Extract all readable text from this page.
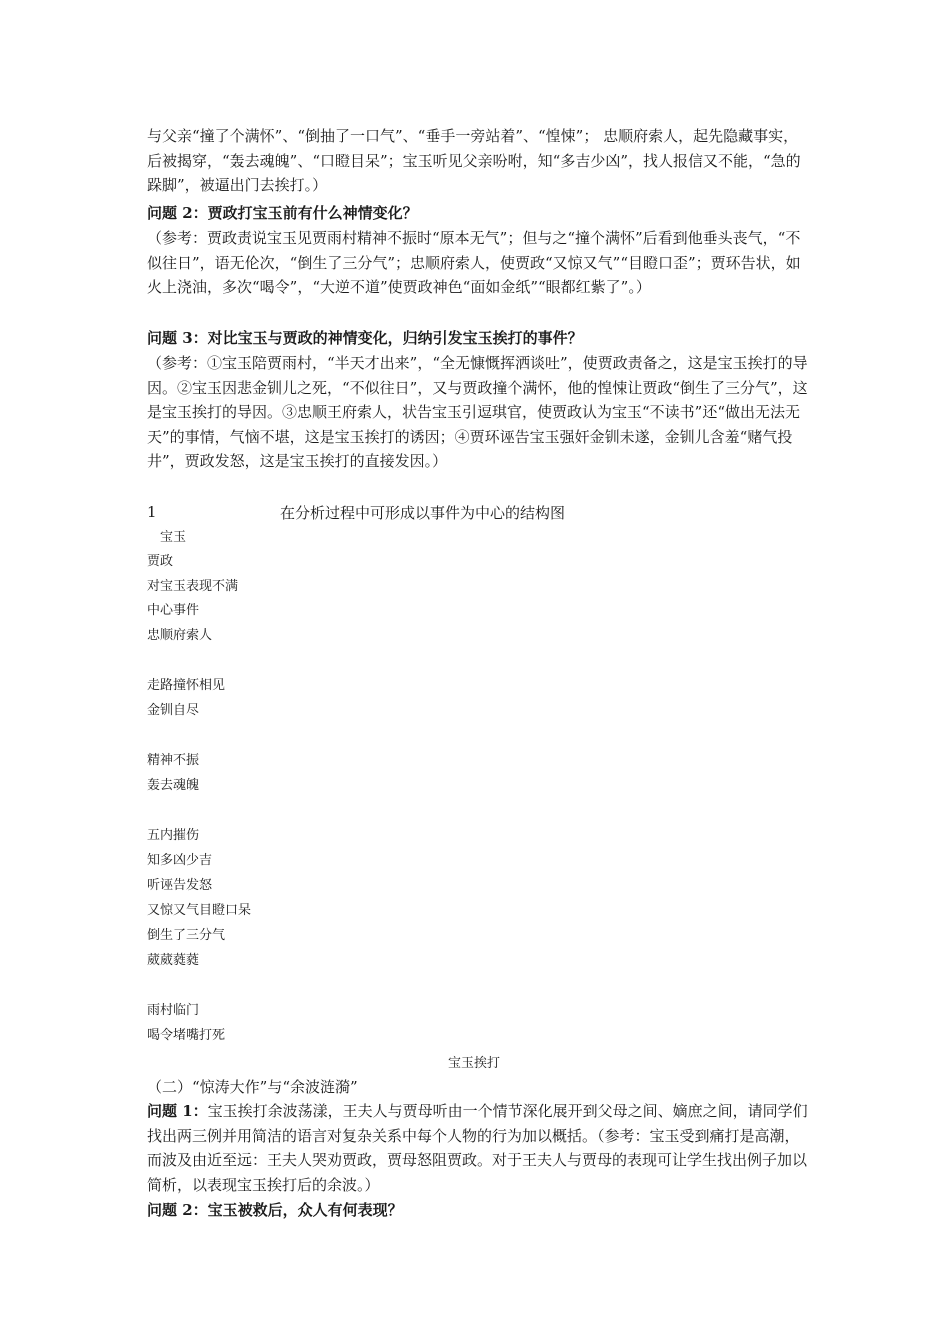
与父亲“撞了个满怀”、“倒抽了一口气”、“垂手一旁站着”、“惶悚”； 忠顺府索人，起先隐藏事实，后被揭穿，“轰去魂魄”、“口瞪目呆”；宝玉听见父亲吩咐，知“多吉少凶”，找人报信又不能，“急的跺脚”，被逼出门去挨打。）

问题 2：贾政打宝玉前有什么神情变化？

（参考：贾政责说宝玉见贾雨村精神不振时“原本无气”；但与之“撞个满怀”后看到他垂头丧气，“不似往日”，语无伦次，“倒生了三分气”；忠顺府索人，使贾政“又惊又气”“目瞪口歪”；贾环告状，如火上浇油，多次“喝令”，“大逆不道”使贾政神色“面如金纸”“眼都红紫了”。）

问题 3：对比宝玉与贾政的神情变化，归纳引发宝玉挨打的事件？

（参考：①宝玉陪贾雨村，“半天才出来”，“全无慷慨挥洒谈吐”，使贾政责备之，这是宝玉挨打的导因。②宝玉因悲金钏儿之死，“不似往日”，又与贾政撞个满怀，他的惶悚让贾政“倒生了三分气”，这是宝玉挨打的导因。③忠顺王府索人，状告宝玉引逗琪官，使贾政认为宝玉“不读书”还“做出无法无天”的事情，气恼不堪，这是宝玉挨打的诱因；④贾环诬告宝玉强奸金钏未遂，金钏儿含羞“赌气投井”，贾政发怒，这是宝玉挨打的直接发因。）

1	在分析过程中可形成以事件为中心的结构图

宝玉

贾政

对宝玉表现不满

中心事件

忠顺府索人

走路撞怀相见

金钏自尽

精神不振

轰去魂魄

五内摧伤

知多凶少吉

听诬告发怒

又惊又气目瞪口呆

倒生了三分气

葳葳蕤蕤

雨村临门

喝令堵嘴打死

宝玉挨打

（二）“惊涛大作”与“余波涟漪”

问题 1：宝玉挨打余波荡漾，王夫人与贾母听由一个情节深化展开到父母之间、嫡庶之间，请同学们找出两三例并用简洁的语言对复杂关系中每个人物的行为加以概括。（参考：宝玉受到痛打是高潮，而波及由近至远：王夫人哭劝贾政，贾母怒阻贾政。对于王夫人与贾母的表现可让学生找出例子加以简析，以表现宝玉挨打后的余波。）

问题 2：宝玉被救后，众人有何表现？
